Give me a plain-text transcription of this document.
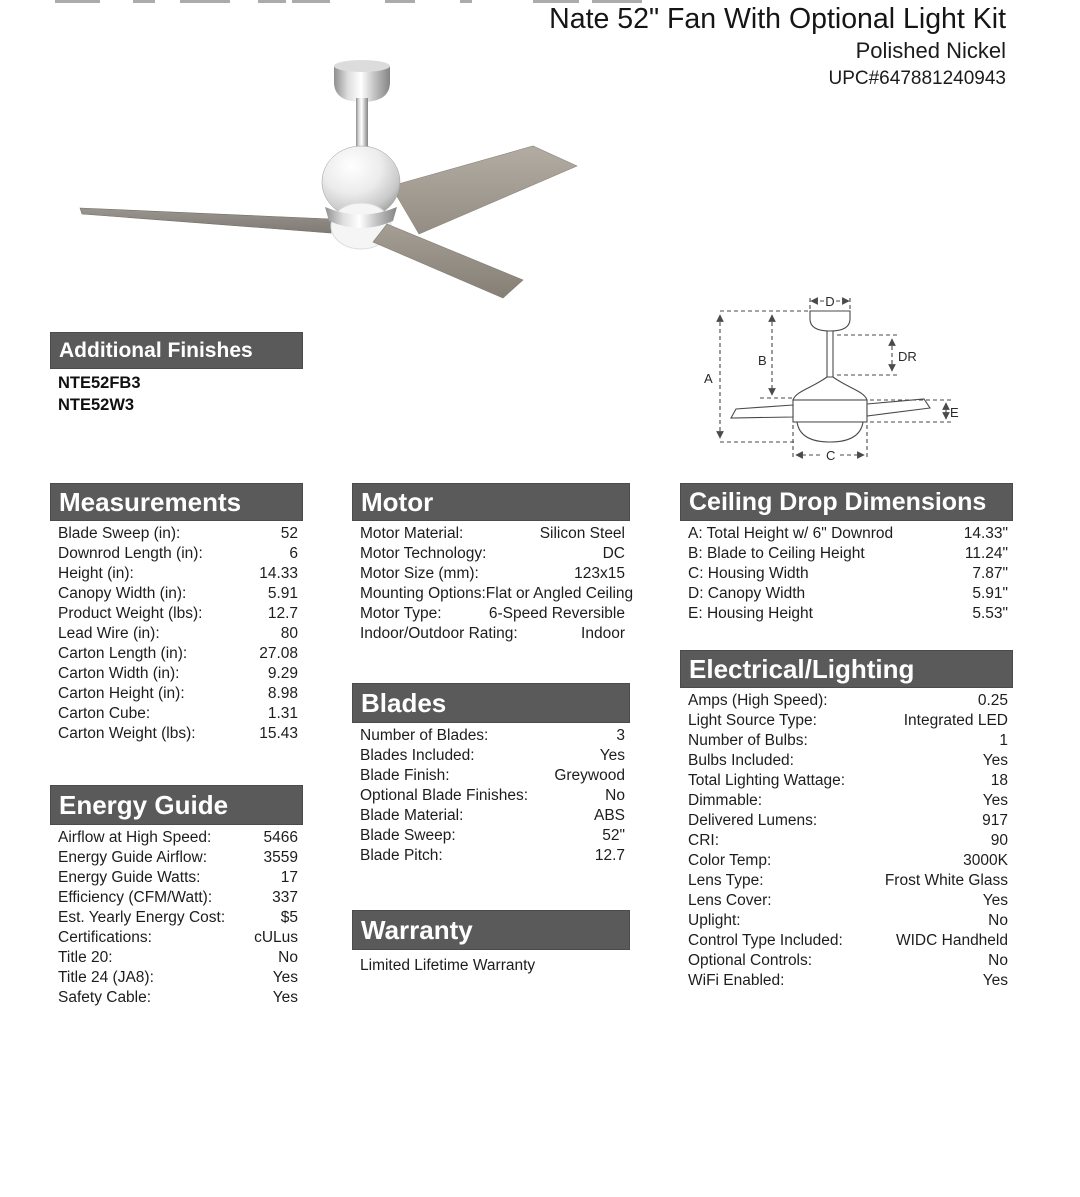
Nate 52" Fan With Optional Light Kit
Polished Nickel
UPC#647881240943
A
B
D
DR
E
C
Additional Finishes
NTE52FB3
NTE52W3
Measurements
Blade Sweep (in):	52
Downrod Length (in):	6
Height (in):	14.33
Canopy Width (in):	5.91
Product Weight (lbs):	12.7
Lead Wire (in):	80
Carton Length (in):	27.08
Carton Width (in):	9.29
Carton Height (in):	8.98
Carton Cube:	1.31
Carton Weight (lbs):	15.43
Energy Guide
Airflow at High Speed:	5466
Energy Guide Airflow:	3559
Energy Guide Watts:	17
Efficiency (CFM/Watt):	337
Est. Yearly Energy Cost:	$5
Certifications:	cULus
Title 20:	No
Title 24 (JA8):	Yes
Safety Cable:	Yes
Motor
Motor Material:	Silicon Steel
Motor Technology:	DC
Motor Size (mm):	123x15
Mounting Options: Flat or Angled Ceiling
Motor Type:	6-Speed Reversible
Indoor/Outdoor Rating:	Indoor
Blades
Number of Blades:	3
Blades Included:	Yes
Blade Finish:	Greywood
Optional Blade Finishes:	No
Blade Material:	ABS
Blade Sweep:	52"
Blade Pitch:	12.7
Warranty
Limited Lifetime Warranty
Ceiling Drop Dimensions
A: Total Height w/ 6" Downrod	14.33"
B: Blade to Ceiling Height	11.24"
C: Housing Width	7.87"
D: Canopy Width	5.91"
E: Housing Height	5.53"
Electrical/Lighting
Amps (High Speed):	0.25
Light Source Type:	Integrated LED
Number of Bulbs:	1
Bulbs Included:	Yes
Total Lighting Wattage:	18
Dimmable:	Yes
Delivered Lumens:	917
CRI:	90
Color Temp:	3000K
Lens Type:	Frost White Glass
Lens Cover:	Yes
Uplight:	No
Control Type Included:	WIDC Handheld
Optional Controls:	No
WiFi Enabled:	Yes
